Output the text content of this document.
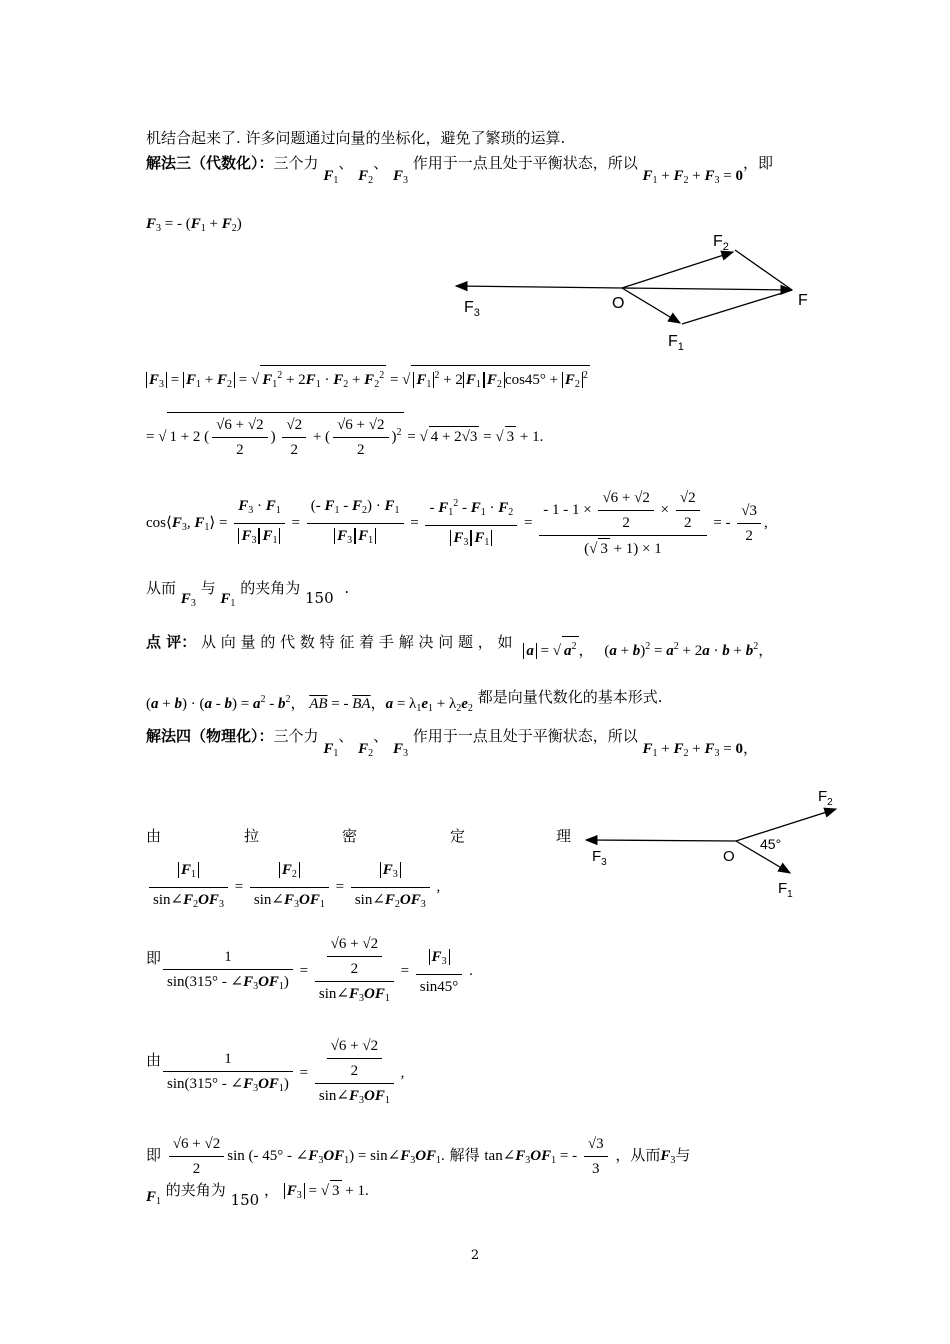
机结合起来了. 许多问题通过向量的坐标化，避免了繁琐的运算.
解法三（代数化）：三个力 $F_1$、 $F_2$、 $F_3$ 作用于一点且处于平衡状态，所以 $F_1 + F_2 + F_3 = 0$，即
$F_3$ = - $(F_1 + F_2)$
$F_2$
$F_3$
O	F
$F_1$
$F_3 = F_1 + F_2$ = √ $F_1^2 + 2F_1 \cdot F_2 + F_2^2$ = √ $F_1^2 + 2$ $F_1$ $F_2$ $\cos 45^\circ + F_2^2$
= √ 1 + 2 ( $\frac{√6 + √2}{2}$ ) $\frac{√2}{2}$ + ( $\frac{√6 + √2}{2} )^2$ = √ 4 + 2√3 = √ 3 + 1.
$\cos⟨F_3$, $F_1⟩ = \frac{F_3 \cdot F_1}{F_3 F_1} = \frac{(- F_1 - F_2) \cdot F_1}{F_3 F_1} = \frac{- F_1^2 - F_1 \cdot F_2}{F_3 F_1} = \frac{- 1 - 1 \times \frac{√6 + √2}{2} \times \frac{√2}{2}}{(√ 3 + 1) \times 1}$ = - $\frac{√3}{2}$ ,
从而 $F_3$ 与 $F_1$ 的夹角为 150 .
点 评： 从 向 量 的 代 数 特 征 着 手 解 决 问 题 ， 如 a = √ $a^2$ ， $(a + b)^2 = a^2 + 2a \cdot b + b^2$，
$(a + b) \cdot (a - b) = a^2 - b^2$， $\overline{AB}$ = - $\overline{BA}$，$a = \lambda_1e_1 + \lambda_2e_2$ 都是向量代数化的基本形式.
解法四（物理化）：三个力 $F_1$、 $F_2$、 $F_3$ 作用于一点且处于平衡状态，所以 $F_1 + F_2 + F_3 = 0$，
由	拉	密	定	理
$F_2$
$F_3$	O
45°
$F_1$
$\frac{F_1}{\sin\angle F_2OF_3} = \frac{F_2}{\sin\angle F_3OF_1} = \frac{F_3}{\sin\angle F_2OF_3}$ ,
即 $\frac{1}{\sin(315^\circ - \angle F_3OF_1)} = \frac{\frac{√6 + √2}{2}}{\sin\angle F_3OF_1} = \frac{F_3}{\sin 45^\circ}$ .
由 $\frac{1}{\sin(315^\circ - \angle F_3OF_1)} = \frac{\frac{√6 + √2}{2}}{\sin\angle F_3OF_1}$ ,
即 $\frac{√6 + √2}{2}$ sin (- $45^\circ - \angle F_3OF_1$) = $\sin\angle F_3OF_1$. 解得 $\tan\angle F_3OF_1$ = - $\frac{√3}{3}$ ，从而$F_3$与
$F_1$ 的夹角为 150 ， $F_3$ = √ 3 + 1.
2
